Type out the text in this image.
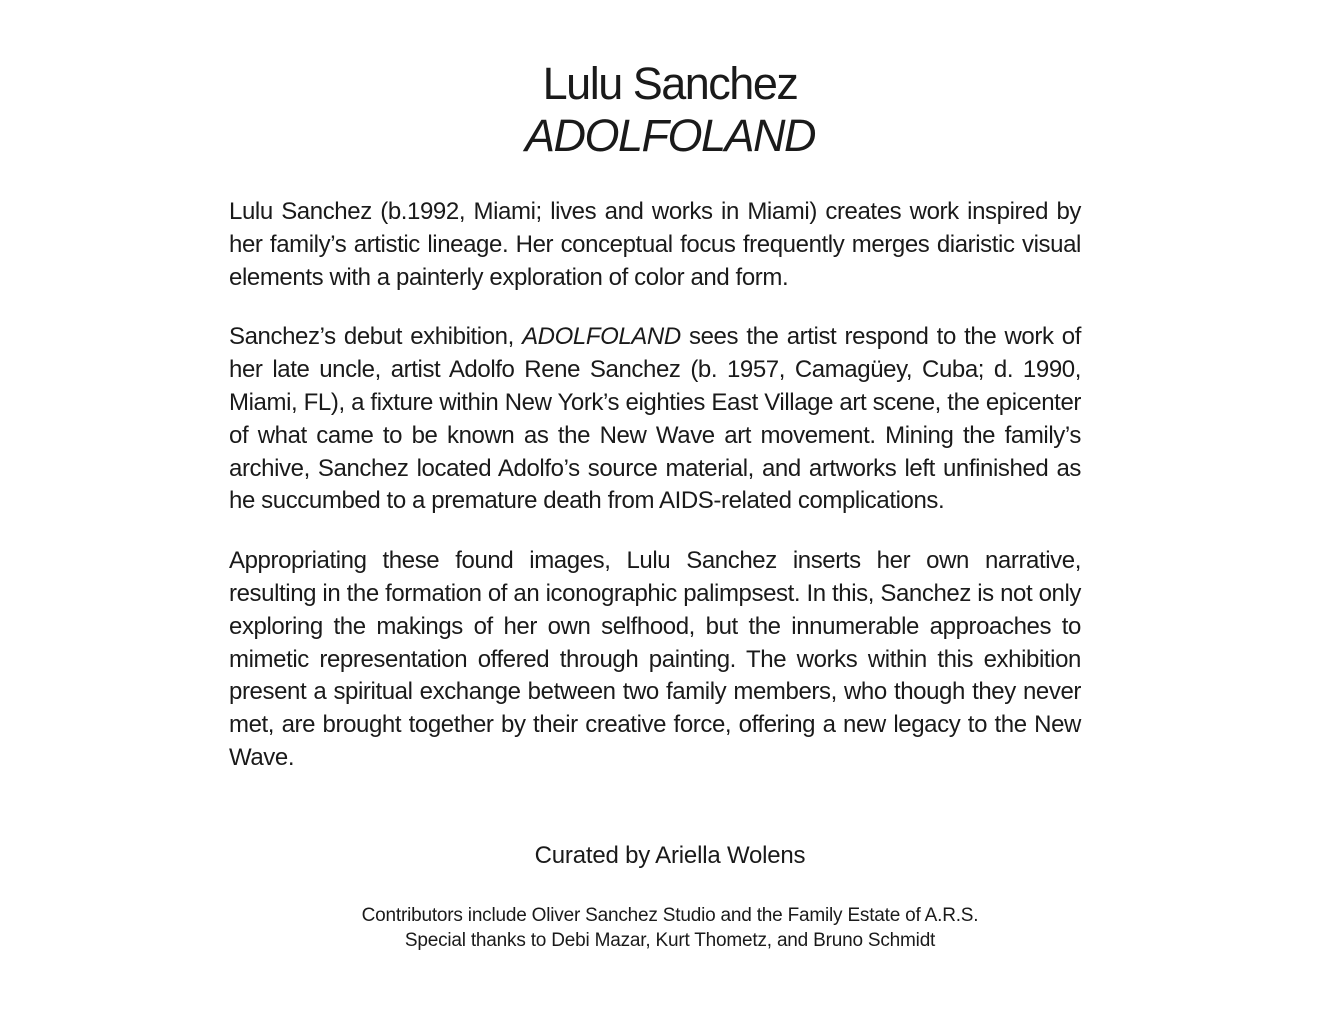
Lulu Sanchez
ADOLFOLAND

Lulu Sanchez (b.1992, Miami; lives and works in Miami) creates work inspired by her family’s artistic lineage. Her conceptual focus frequently merges diaristic visual elements with a painterly exploration of color and form.

Sanchez’s debut exhibition, ADOLFOLAND sees the artist respond to the work of her late uncle, artist Adolfo Rene Sanchez (b. 1957, Camagüey, Cuba; d. 1990, Miami, FL), a fixture within New York’s eighties East Village art scene, the epicenter of what came to be known as the New Wave art movement. Mining the family’s archive, Sanchez located Adolfo’s source material, and artworks left unfinished as he succumbed to a premature death from AIDS-related complications.

Appropriating these found images, Lulu Sanchez inserts her own narrative, resulting in the formation of an iconographic palimpsest. In this, Sanchez is not only exploring the makings of her own selfhood, but the innumerable approaches to mimetic representation offered through painting. The works within this exhibition present a spiritual exchange between two family members, who though they never met, are brought together by their creative force, offering a new legacy to the New Wave.

Curated by Ariella Wolens

Contributors include Oliver Sanchez Studio and the Family Estate of A.R.S.

Special thanks to Debi Mazar, Kurt Thometz, and Bruno Schmidt
